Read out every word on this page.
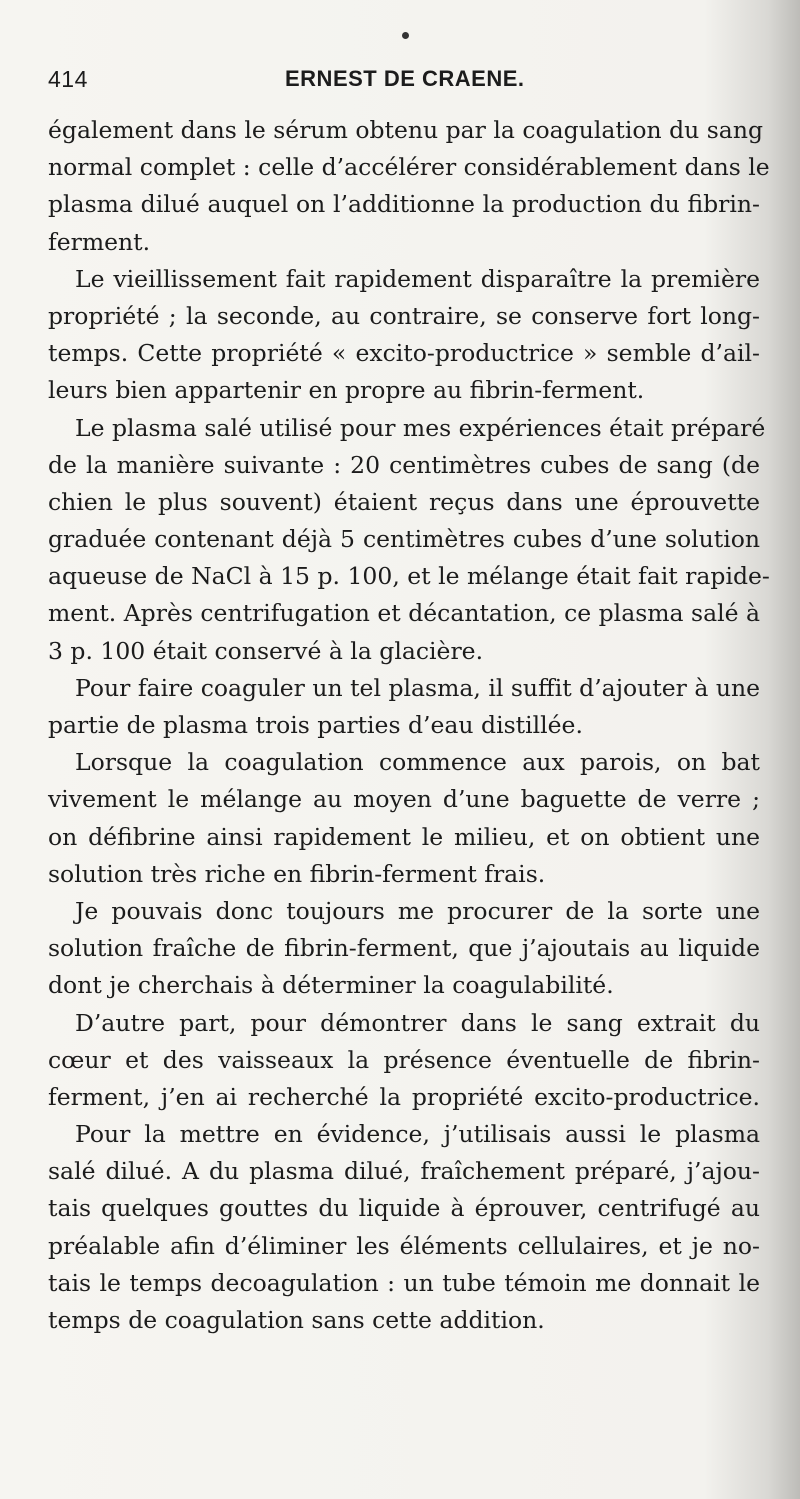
414	ERNEST DE CRAENE.
également dans le sérum obtenu par la coagulation du sang
normal complet : celle d’accélérer considérablement dans le
plasma dilué auquel on l’additionne la production du fibrin-
ferment.
Le vieillissement fait rapidement disparaître la première
propriété ; la seconde, au contraire, se conserve fort long-
temps. Cette propriété « excito-productrice » semble d’ail-
leurs bien appartenir en propre au fibrin-ferment.
Le plasma salé utilisé pour mes expériences était préparé
de la manière suivante : 20 centimètres cubes de sang (de
chien le plus souvent) étaient reçus dans une éprouvette
graduée contenant déjà 5 centimètres cubes d’une solution
aqueuse de NaCl à 15 p. 100, et le mélange était fait rapide-
ment. Après centrifugation et décantation, ce plasma salé à
3 p. 100 était conservé à la glacière.
Pour faire coaguler un tel plasma, il suffit d’ajouter à une
partie de plasma trois parties d’eau distillée.
Lorsque la coagulation commence aux parois, on bat
vivement le mélange au moyen d’une baguette de verre ;
on défibrine ainsi rapidement le milieu, et on obtient une
solution très riche en fibrin-ferment frais.
Je pouvais donc toujours me procurer de la sorte une
solution fraîche de fibrin-ferment, que j’ajoutais au liquide
dont je cherchais à déterminer la coagulabilité.
D’autre part, pour démontrer dans le sang extrait du
cœur et des vaisseaux la présence éventuelle de fibrin-
ferment, j’en ai recherché la propriété excito-productrice.
Pour la mettre en évidence, j’utilisais aussi le plasma
salé dilué. A du plasma dilué, fraîchement préparé, j’ajou-
tais quelques gouttes du liquide à éprouver, centrifugé au
préalable afin d’éliminer les éléments cellulaires, et je no-
tais le temps decoagulation : un tube témoin me donnait le
temps de coagulation sans cette addition.
